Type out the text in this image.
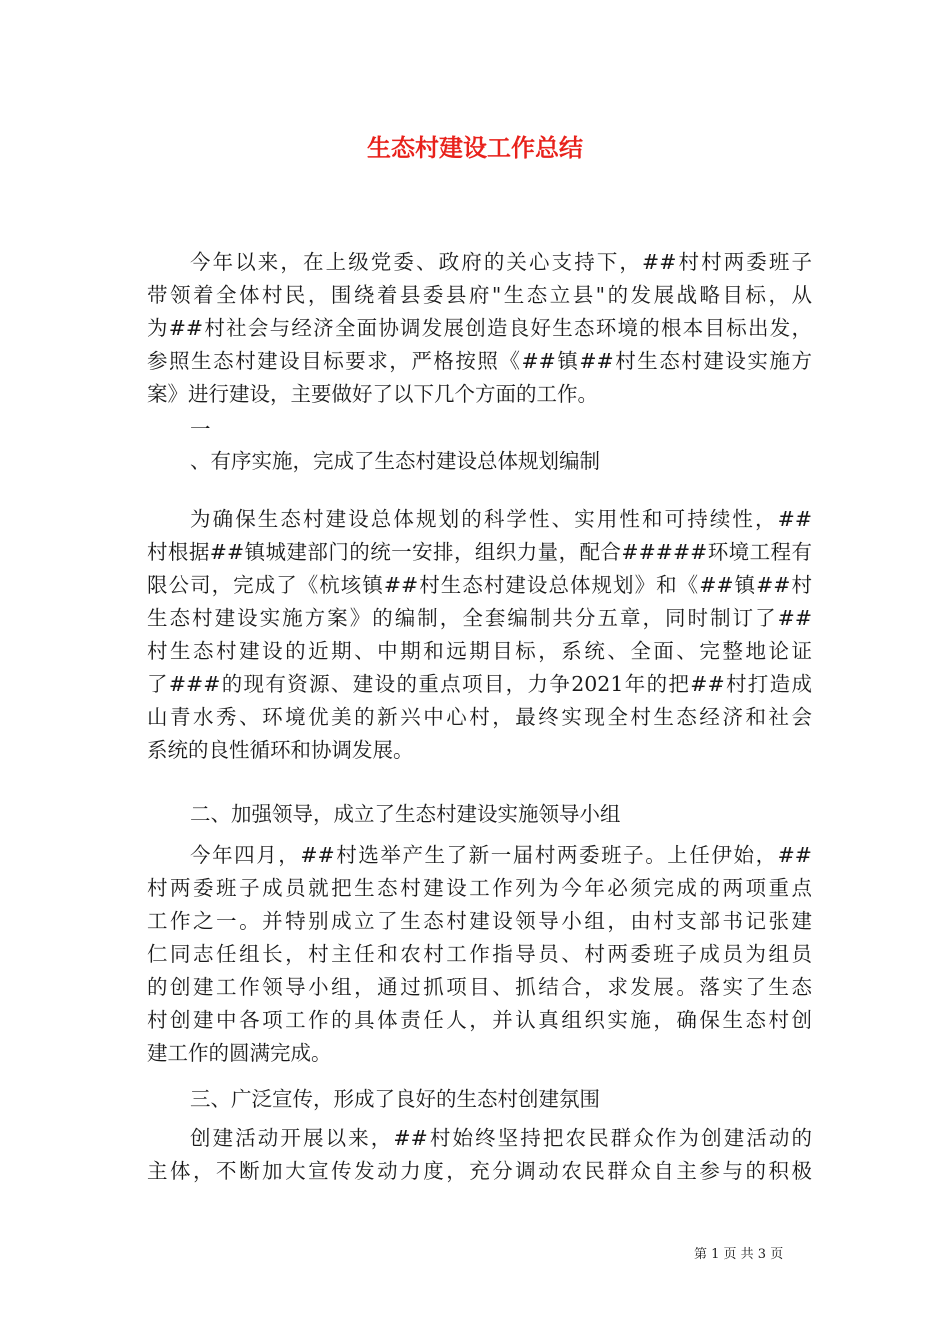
生态村建设工作总结
今年以来，在上级党委、政府的关心支持下，##村村两委班子
带领着全体村民，围绕着县委县府"生态立县"的发展战略目标，从
为##村社会与经济全面协调发展创造良好生态环境的根本目标出发，
参照生态村建设目标要求，严格按照《##镇##村生态村建设实施方
案》进行建设，主要做好了以下几个方面的工作。
一
、有序实施，完成了生态村建设总体规划编制
为确保生态村建设总体规划的科学性、实用性和可持续性，##
村根据##镇城建部门的统一安排，组织力量，配合#####环境工程有
限公司，完成了《杭垓镇##村生态村建设总体规划》和《##镇##村
生态村建设实施方案》的编制，全套编制共分五章，同时制订了##
村生态村建设的近期、中期和远期目标，系统、全面、完整地论证
了###的现有资源、建设的重点项目，力争2021年的把##村打造成
山青水秀、环境优美的新兴中心村，最终实现全村生态经济和社会
系统的良性循环和协调发展。
二、加强领导，成立了生态村建设实施领导小组
今年四月，##村选举产生了新一届村两委班子。上任伊始，##
村两委班子成员就把生态村建设工作列为今年必须完成的两项重点
工作之一。并特别成立了生态村建设领导小组，由村支部书记张建
仁同志任组长，村主任和农村工作指导员、村两委班子成员为组员
的创建工作领导小组，通过抓项目、抓结合，求发展。落实了生态
村创建中各项工作的具体责任人，并认真组织实施，确保生态村创
建工作的圆满完成。
三、广泛宣传，形成了良好的生态村创建氛围
创建活动开展以来，##村始终坚持把农民群众作为创建活动的
主体，不断加大宣传发动力度，充分调动农民群众自主参与的积极
第 1 页 共 3 页
